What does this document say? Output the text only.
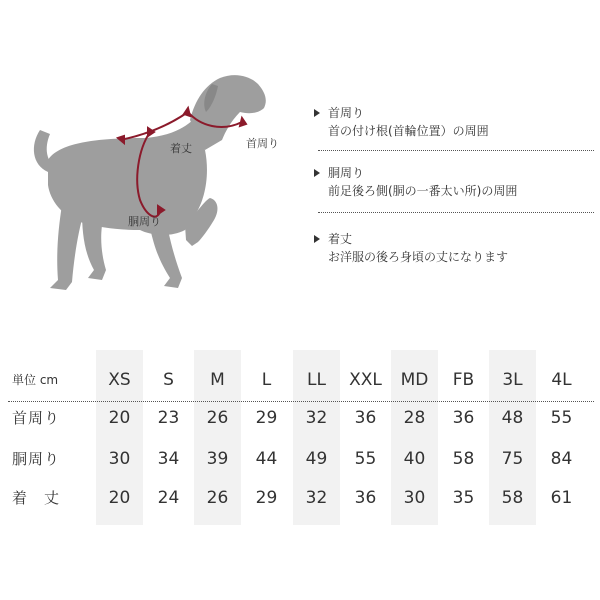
首周り
着丈
胴周り
首周り
首の付け根(首輪位置）の周囲
胴周り
前足後ろ側(胴の一番太い所)の周囲
着丈
お洋服の後ろ身頃の丈になります
単位 cm	XS	S	M	L	LL	XXL	MD	FB	3L	4L
首周り	20	23	26	29	32	36	28	36	48	55
胴周り	30	34	39	44	49	55	40	58	75	84
着　丈	20	24	26	29	32	36	30	35	58	61
